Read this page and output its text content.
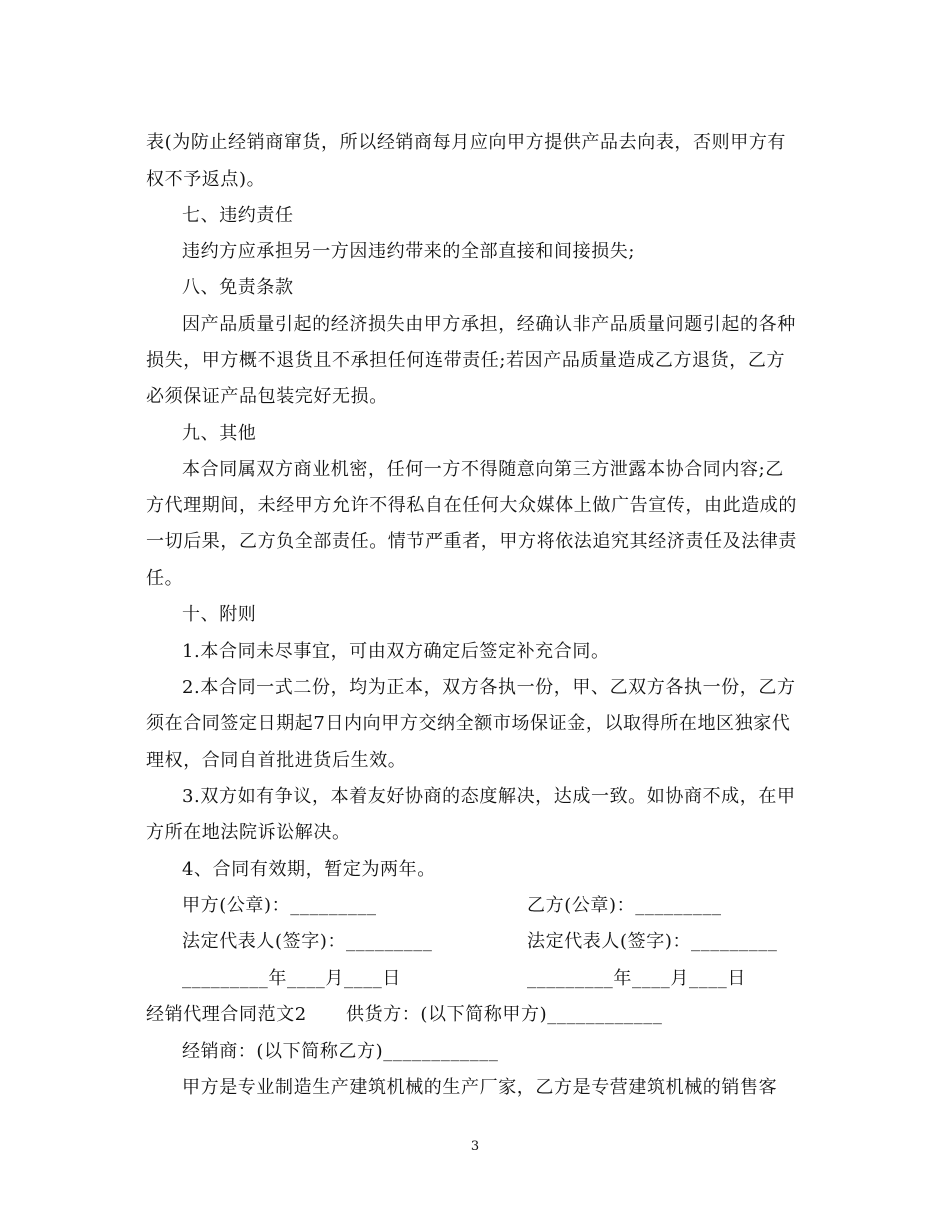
表(为防止经销商窜货，所以经销商每月应向甲方提供产品去向表，否则甲方有
权不予返点)。
七、违约责任
违约方应承担另一方因违约带来的全部直接和间接损失;
八、免责条款
因产品质量引起的经济损失由甲方承担，经确认非产品质量问题引起的各种
损失，甲方概不退货且不承担任何连带责任;若因产品质量造成乙方退货，乙方
必须保证产品包装完好无损。
九、其他
本合同属双方商业机密，任何一方不得随意向第三方泄露本协合同内容;乙
方代理期间，未经甲方允许不得私自在任何大众媒体上做广告宣传，由此造成的
一切后果，乙方负全部责任。情节严重者，甲方将依法追究其经济责任及法律责
任。
十、附则
1.本合同未尽事宜，可由双方确定后签定补充合同。
2.本合同一式二份，均为正本，双方各执一份，甲、乙双方各执一份，乙方
须在合同签定日期起7日内向甲方交纳全额市场保证金，以取得所在地区独家代
理权，合同自首批进货后生效。
3.双方如有争议，本着友好协商的态度解决，达成一致。如协商不成，在甲
方所在地法院诉讼解决。
4、合同有效期，暂定为两年。
甲方(公章)：_________	乙方(公章)：_________
法定代表人(签字)：_________	法定代表人(签字)：_________
_________年____月____日	_________年____月____日
经销代理合同范文2 供货方：(以下简称甲方)____________
经销商：(以下简称乙方)____________
甲方是专业制造生产建筑机械的生产厂家，乙方是专营建筑机械的销售客
3
